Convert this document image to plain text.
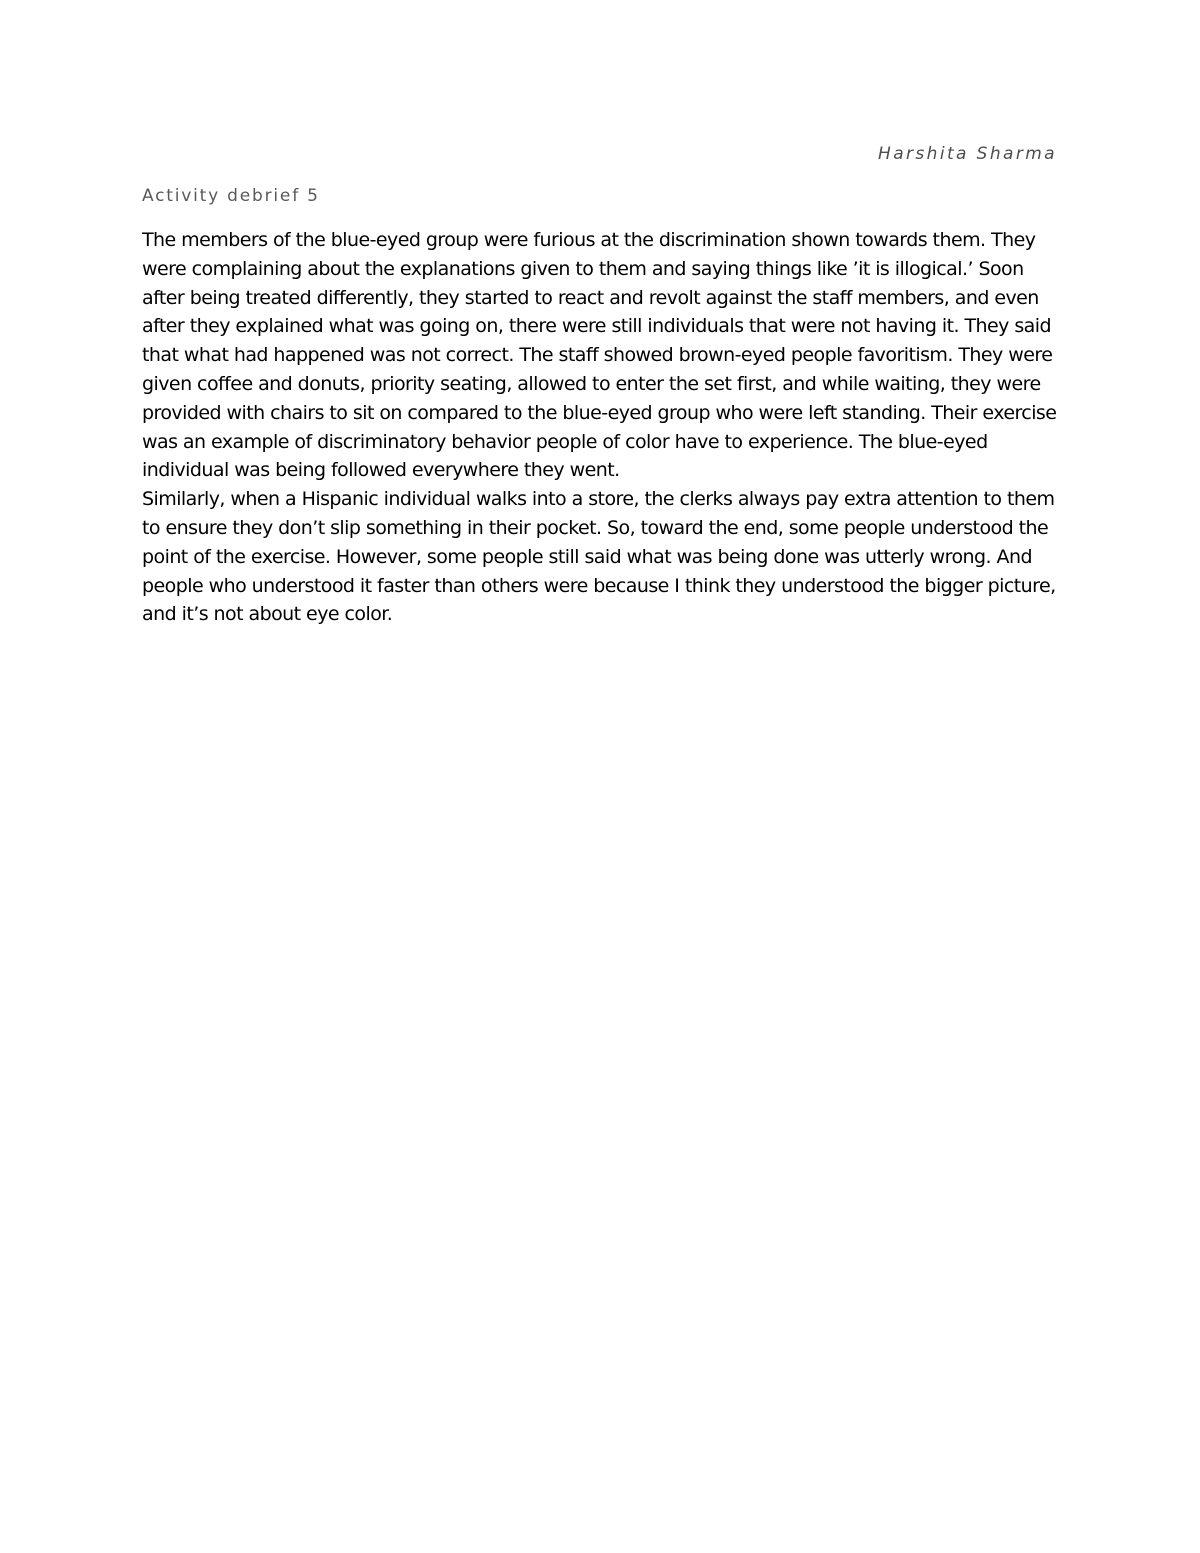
Harshita Sharma
Activity debrief 5

The members of the blue-eyed group were furious at the discrimination shown towards them. They were complaining about the explanations given to them and saying things like ’it is illogical.’ Soon after being treated differently, they started to react and revolt against the staff members, and even after they explained what was going on, there were still individuals that were not having it. They said that what had happened was not correct. The staff showed brown-eyed people favoritism. They were given coffee and donuts, priority seating, allowed to enter the set first, and while waiting, they were provided with chairs to sit on compared to the blue-eyed group who were left standing. Their exercise was an example of discriminatory behavior people of color have to experience. The blue-eyed individual was being followed everywhere they went.

Similarly, when a Hispanic individual walks into a store, the clerks always pay extra attention to them to ensure they don’t slip something in their pocket. So, toward the end, some people understood the point of the exercise. However, some people still said what was being done was utterly wrong. And people who understood it faster than others were because I think they understood the bigger picture, and it’s not about eye color.
